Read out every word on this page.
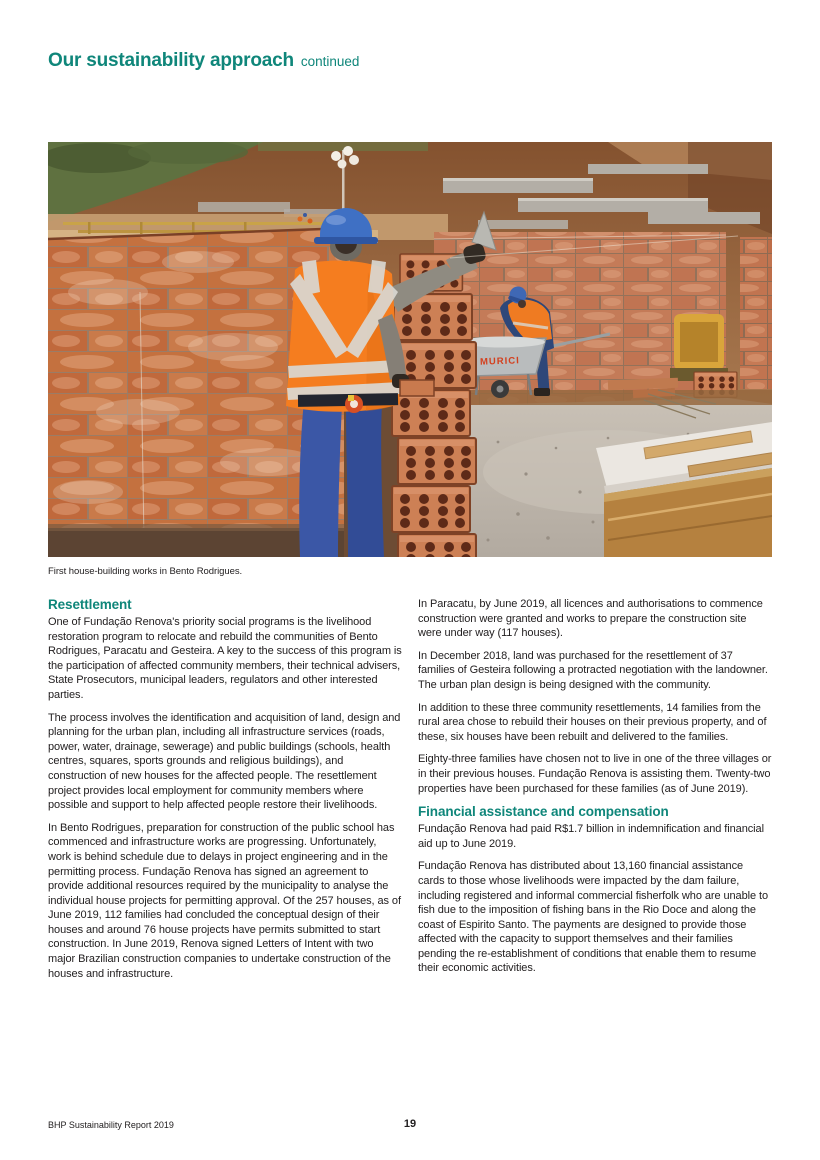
Our sustainability approach continued
MURICI
First house-building works in Bento Rodrigues.
Resettlement

One of Fundação Renova's priority social programs is the livelihood restoration program to relocate and rebuild the communities of Bento Rodrigues, Paracatu and Gesteira. A key to the success of this program is the participation of affected community members, their technical advisers, State Prosecutors, municipal leaders, regulators and other interested parties.

The process involves the identification and acquisition of land, design and planning for the urban plan, including all infrastructure services (roads, power, water, drainage, sewerage) and public buildings (schools, health centres, squares, sports grounds and religious buildings), and construction of new houses for the affected people. The resettlement project provides local employment for community members where possible and support to help affected people restore their livelihoods.

In Bento Rodrigues, preparation for construction of the public school has commenced and infrastructure works are progressing. Unfortunately, work is behind schedule due to delays in project engineering and in the permitting process. Fundação Renova has signed an agreement to provide additional resources required by the municipality to analyse the individual house projects for permitting approval. Of the 257 houses, as of June 2019, 112 families had concluded the conceptual design of their houses and around 76 house projects have permits submitted to start construction. In June 2019, Renova signed Letters of Intent with two major Brazilian construction companies to undertake construction of the houses and infrastructure.

In Paracatu, by June 2019, all licences and authorisations to commence construction were granted and works to prepare the construction site were under way (117 houses).

In December 2018, land was purchased for the resettlement of 37 families of Gesteira following a protracted negotiation with the landowner. The urban plan design is being designed with the community.

In addition to these three community resettlements, 14 families from the rural area chose to rebuild their houses on their previous property, and of these, six houses have been rebuilt and delivered to the families.

Eighty-three families have chosen not to live in one of the three villages or in their previous houses. Fundação Renova is assisting them. Twenty-two properties have been purchased for these families (as of June 2019).

Financial assistance and compensation

Fundação Renova had paid R$1.7 billion in indemnification and financial aid up to June 2019.

Fundação Renova has distributed about 13,160 financial assistance cards to those whose livelihoods were impacted by the dam failure, including registered and informal commercial fisherfolk who are unable to fish due to the imposition of fishing bans in the Rio Doce and along the coast of Espirito Santo. The payments are designed to provide those affected with the capacity to support themselves and their families pending the re-establishment of conditions that enable them to resume their economic activities.

BHP Sustainability Report 2019	19
